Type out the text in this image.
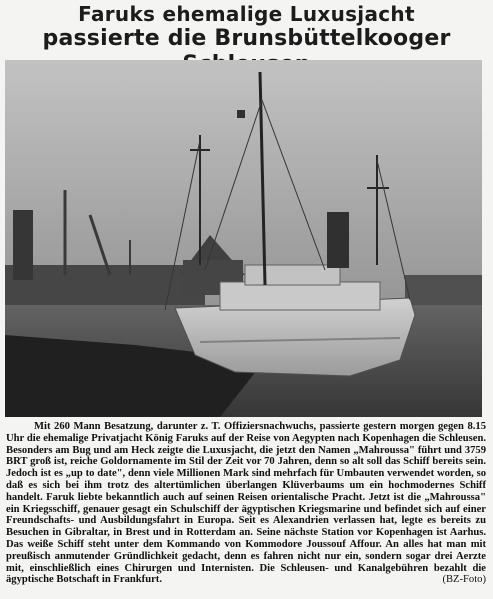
Faruks ehemalige Luxusjacht
passierte die Brunsbüttelkooger

Mit 260 Mann Besatzung, darunter z. T. Offiziersnachwuchs, passierte gestern morgen gegen 8.15 Uhr die ehemalige Privatjacht König Faruks auf der Reise von Aegypten nach Kopenhagen die Schleusen. Besonders am Bug und am Heck zeigte die Luxusjacht, die jetzt den Namen „Mahroussa" führt und 3759 BRT groß ist, reiche Goldornamente im Stil der Zeit vor 70 Jahren, denn so alt soll das Schiff bereits sein. Jedoch ist es „up to date", denn viele Millionen Mark sind mehrfach für Umbauten verwendet worden, so daß es sich bei ihm trotz des altertümlichen überlangen Klüverbaums um ein hochmodernes Schiff handelt. Faruk liebte bekanntlich auch auf seinen Reisen orientalische Pracht. Jetzt ist die „Mahroussa" ein Kriegsschiff, genauer gesagt ein Schulschiff der ägyptischen Kriegsmarine und befindet sich auf einer Freundschafts- und Ausbildungsfahrt in Europa. Seit es Alexandrien verlassen hat, legte es bereits zu Besuchen in Gibraltar, in Brest und in Rotterdam an. Seine nächste Station vor Kopenhagen ist Aarhus. Das weiße Schiff steht unter dem Kommando von Kommodore Joussouf Affour. An alles hat man mit preußisch anmutender Gründlichkeit gedacht, denn es fahren nicht nur ein, sondern sogar drei Aerzte mit, einschließlich eines Chirurgen und Internisten. Die Schleusen- und Kanalgebühren bezahlt die ägyptische Botschaft in Frankfurt.	(BZ-Foto)
